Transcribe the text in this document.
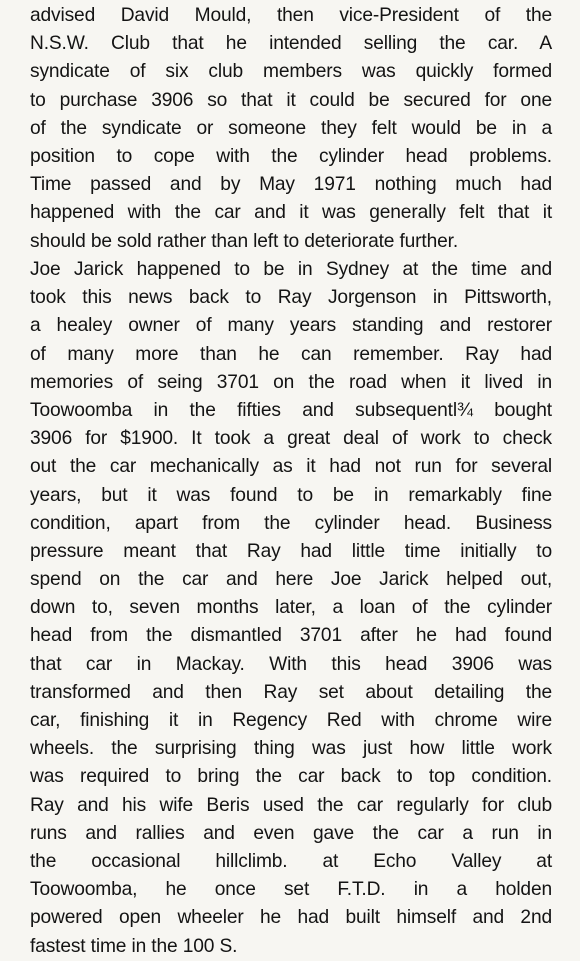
advised David Mould, then vice-President of the
N.S.W. Club that he intended selling the car. A
syndicate of six club members was quickly formed
to purchase 3906 so that it could be secured for one
of the syndicate or someone they felt would be in a
position to cope with the cylinder head problems.
Time passed and by May 1971 nothing much had
happened with the car and it was generally felt that it
should be sold rather than left to deteriorate further.
Joe Jarick happened to be in Sydney at the time and
took this news back to Ray Jorgenson in Pittsworth,
a healey owner of many years standing and restorer
of many more than he can remember. Ray had
memories of seing 3701 on the road when it lived in
Toowoomba in the fifties and subsequentl¾ bought
3906 for $1900. It took a great deal of work to check
out the car mechanically as it had not run for several
years, but it was found to be in remarkably fine
condition, apart from the cylinder head. Business
pressure meant that Ray had little time initially to
spend on the car and here Joe Jarick helped out,
down to, seven months later, a loan of the cylinder
head from the dismantled 3701 after he had found
that car in Mackay. With this head 3906 was
transformed and then Ray set about detailing the
car, finishing it in Regency Red with chrome wire
wheels. the surprising thing was just how little work
was required to bring the car back to top condition.
Ray and his wife Beris used the car regularly for club
runs and rallies and even gave the car a run in
the occasional hillclimb. at Echo Valley at
Toowoomba, he once set F.T.D. in a holden
powered open wheeler he had built himself and 2nd
fastest time in the 100 S.
